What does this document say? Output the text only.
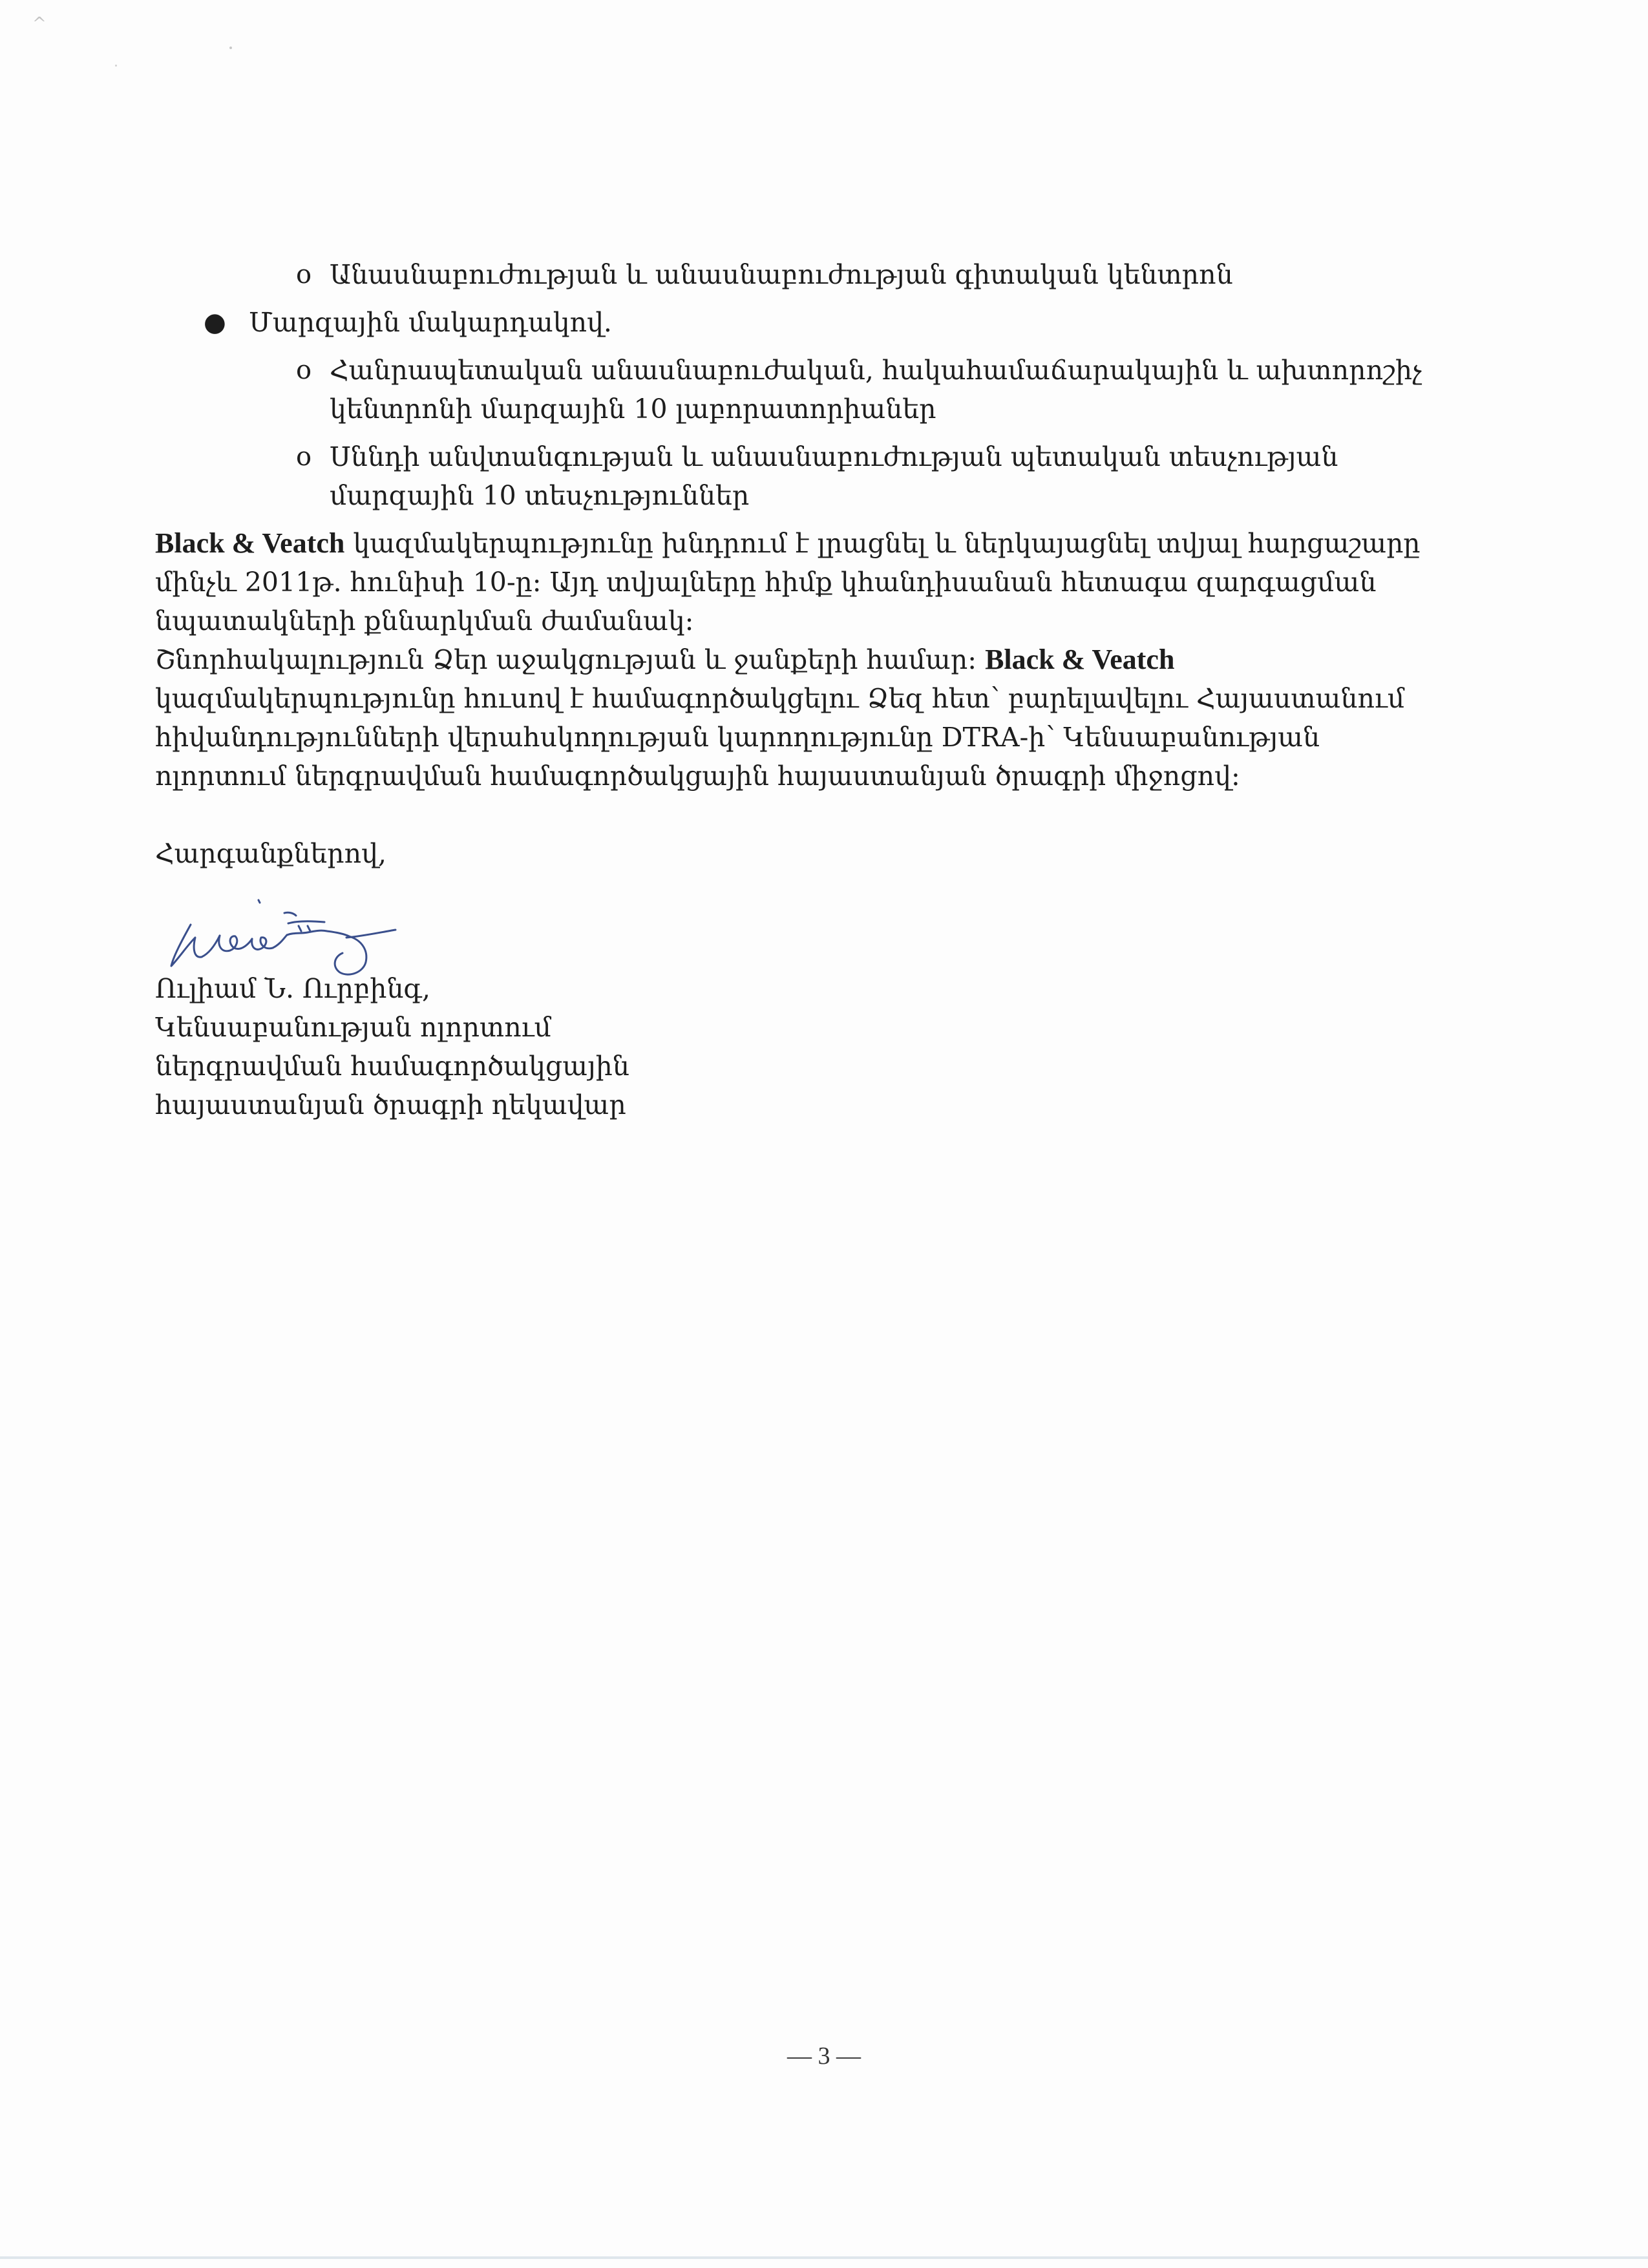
^
o Անասնաբուժության և անասնաբուժության գիտական կենտրոն
● Մարզային մակարդակով.
o Հանրապետական անասնաբուժական, հակահամաճարակային և ախտորոշիչ
կենտրոնի մարզային 10 լաբորատորիաներ
o Սննդի անվտանգության և անասնաբուժության պետական տեսչության
մարզային 10 տեսչություններ
Black & Veatch կազմակերպությունը խնդրում է լրացնել և ներկայացնել տվյալ հարցաշարը
մինչև 2011թ. հունիսի 10-ը: Այդ տվյալները հիմք կհանդիսանան հետագա զարգացման
նպատակների քննարկման ժամանակ:
Շնորհակալություն Ձեր աջակցության և ջանքերի համար: Black & Veatch
կազմակերպությունը հուսով է համագործակցելու Ձեզ հետ՝ բարելավելու Հայաստանում
հիվանդությունների վերահսկողության կարողությունը DTRA-ի՝ Կենսաբանության
ոլորտում ներգրավման համագործակցային հայաստանյան ծրագրի միջոցով:
Հարգանքներով,
Ուլիամ Ն. Ուրբինգ,
Կենսաբանության ոլորտում
ներգրավման համագործակցային
հայաստանյան ծրագրի ղեկավար
— 3 —
